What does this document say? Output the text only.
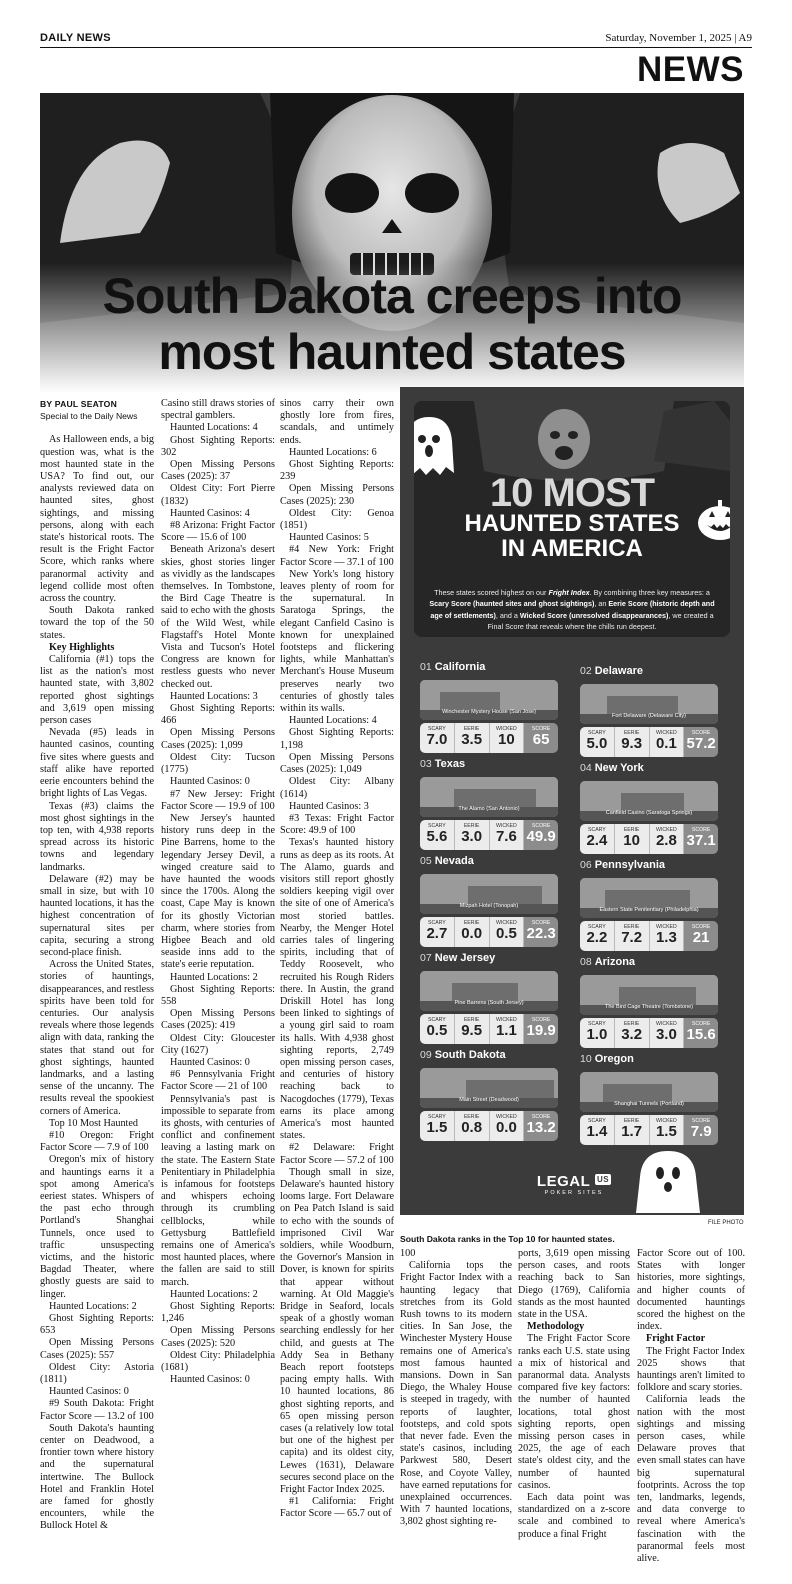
DAILY NEWS	Saturday, November 1, 2025 | A9
NEWS
South Dakota creeps into
most haunted states
BY PAUL SEATON
Special to the Daily News

As Halloween ends, a big question was, what is the most haunted state in the USA? To find out, our analysts reviewed data on haunted sites, ghost sightings, and missing persons, along with each state's historical roots. The result is the Fright Factor Score, which ranks where paranormal activity and legend collide most often across the country.

South Dakota ranked toward the top of the 50 states.

Key Highlights

California (#1) tops the list as the nation's most haunted state, with 3,802 reported ghost sightings and 3,619 open missing person cases

Nevada (#5) leads in haunted casinos, counting five sites where guests and staff alike have reported eerie encounters behind the bright lights of Las Vegas.

Texas (#3) claims the most ghost sightings in the top ten, with 4,938 reports spread across its historic towns and legendary landmarks.

Delaware (#2) may be small in size, but with 10 haunted locations, it has the highest concentration of supernatural sites per capita, securing a strong second-place finish.

Across the United States, stories of hauntings, disappearances, and restless spirits have been told for centuries. Our analysis reveals where those legends align with data, ranking the states that stand out for ghost sightings, haunted landmarks, and a lasting sense of the uncanny. The results reveal the spookiest corners of America.

Top 10 Most Haunted

#10 Oregon: Fright Factor Score — 7.9 of 100

Oregon's mix of history and hauntings earns it a spot among America's eeriest states. Whispers of the past echo through Portland's Shanghai Tunnels, once used to traffic unsuspecting victims, and the historic Bagdad Theater, where ghostly guests are said to linger.

Haunted Locations: 2

Ghost Sighting Reports: 653

Open Missing Persons Cases (2025): 557

Oldest City: Astoria (1811)

Haunted Casinos: 0

#9 South Dakota: Fright Factor Score — 13.2 of 100

South Dakota's haunting center on Deadwood, a frontier town where history and the supernatural intertwine. The Bullock Hotel and Franklin Hotel are famed for ghostly encounters, while the Bullock Hotel &

Casino still draws stories of spectral gamblers.

Haunted Locations: 4

Ghost Sighting Reports: 302

Open Missing Persons Cases (2025): 37

Oldest City: Fort Pierre (1832)

Haunted Casinos: 4

#8 Arizona: Fright Factor Score — 15.6 of 100

Beneath Arizona's desert skies, ghost stories linger as vividly as the landscapes themselves. In Tombstone, the Bird Cage Theatre is said to echo with the ghosts of the Wild West, while Flagstaff's Hotel Monte Vista and Tucson's Hotel Congress are known for restless guests who never checked out.

Haunted Locations: 3

Ghost Sighting Reports: 466

Open Missing Persons Cases (2025): 1,099

Oldest City: Tucson (1775)

Haunted Casinos: 0

#7 New Jersey: Fright Factor Score — 19.9 of 100

New Jersey's haunted history runs deep in the Pine Barrens, home to the legendary Jersey Devil, a winged creature said to have haunted the woods since the 1700s. Along the coast, Cape May is known for its ghostly Victorian charm, where stories from Higbee Beach and old seaside inns add to the state's eerie reputation.

Haunted Locations: 2

Ghost Sighting Reports: 558

Open Missing Persons Cases (2025): 419

Oldest City: Gloucester City (1627)

Haunted Casinos: 0

#6 Pennsylvania Fright Factor Score — 21 of 100

Pennsylvania's past is impossible to separate from its ghosts, with centuries of conflict and confinement leaving a lasting mark on the state. The Eastern State Penitentiary in Philadelphia is infamous for footsteps and whispers echoing through its crumbling cellblocks, while Gettysburg Battlefield remains one of America's most haunted places, where the fallen are said to still march.

Haunted Locations: 2

Ghost Sighting Reports: 1,246

Open Missing Persons Cases (2025): 520

Oldest City: Philadelphia (1681)

Haunted Casinos: 0

sinos carry their own ghostly lore from fires, scandals, and untimely ends.

Haunted Locations: 6

Ghost Sighting Reports: 239

Open Missing Persons Cases (2025): 230

Oldest City: Genoa (1851)

Haunted Casinos: 5

#4 New York: Fright Factor Score — 37.1 of 100

New York's long history leaves plenty of room for the supernatural. In Saratoga Springs, the elegant Canfield Casino is known for unexplained footsteps and flickering lights, while Manhattan's Merchant's House Museum preserves nearly two centuries of ghostly tales within its walls.

Haunted Locations: 4

Ghost Sighting Reports: 1,198

Open Missing Persons Cases (2025): 1,049

Oldest City: Albany (1614)

Haunted Casinos: 3

#3 Texas: Fright Factor Score: 49.9 of 100

Texas's haunted history runs as deep as its roots. At The Alamo, guards and visitors still report ghostly soldiers keeping vigil over the site of one of America's most storied battles. Nearby, the Menger Hotel carries tales of lingering spirits, including that of Teddy Roosevelt, who recruited his Rough Riders there. In Austin, the grand Driskill Hotel has long been linked to sightings of a young girl said to roam its halls. With 4,938 ghost sighting reports, 2,749 open missing person cases, and centuries of history reaching back to Nacogdoches (1779), Texas earns its place among America's most haunted states.

#2 Delaware: Fright Factor Score — 57.2 of 100

Though small in size, Delaware's haunted history looms large. Fort Delaware on Pea Patch Island is said to echo with the sounds of imprisoned Civil War soldiers, while Woodburn, the Governor's Mansion in Dover, is known for spirits that appear without warning. At Old Maggie's Bridge in Seaford, locals speak of a ghostly woman searching endlessly for her child, and guests at The Addy Sea in Bethany Beach report footsteps pacing empty halls. With 10 haunted locations, 86 ghost sighting reports, and 65 open missing person cases (a relatively low total but one of the highest per capita) and its oldest city, Lewes (1631), Delaware secures second place on the Fright Factor Index 2025.

#1 California: Fright Factor Score — 65.7 out of

10 MOST
HAUNTED STATES
IN AMERICA
These states scored highest on our Fright Index. By combining three key measures: a Scary Score (haunted sites and ghost sightings), an Eerie Score (historic depth and age of settlements), and a Wicked Score (unresolved disappearances), we created a Final Score that reveals where the chills run deepest.
01 California
Winchester Mystery House (San Jose)
SCARY
7.0
EERIE
3.5
WICKED
10
SCORE
65
02 Delaware
Fort Delaware (Delaware City)
SCARY
5.0
EERIE
9.3
WICKED
0.1
SCORE
57.2
03 Texas
The Alamo (San Antonio)
SCARY
5.6
EERIE
3.0
WICKED
7.6
SCORE
49.9
04 New York
Canfield Casino (Saratoga Springs)
SCARY
2.4
EERIE
10
WICKED
2.8
SCORE
37.1
05 Nevada
Mizpah Hotel (Tonopah)
SCARY
2.7
EERIE
0.0
WICKED
0.5
SCORE
22.3
06 Pennsylvania
Eastern State Penitentiary (Philadelphia)
SCARY
2.2
EERIE
7.2
WICKED
1.3
SCORE
21
07 New Jersey
Pine Barrens (South Jersey)
SCARY
0.5
EERIE
9.5
WICKED
1.1
SCORE
19.9
08 Arizona
The Bird Cage Theatre (Tombstone)
SCARY
1.0
EERIE
3.2
WICKED
3.0
SCORE
15.6
09 South Dakota
Main Street (Deadwood)
SCARY
1.5
EERIE
0.8
WICKED
0.0
SCORE
13.2
10 Oregon
Shanghai Tunnels (Portland)
SCARY
1.4
EERIE
1.7
WICKED
1.5
SCORE
7.9
LEGAL US
POKER SITES
FILE PHOTO
South Dakota ranks in the Top 10 for haunted states.

100

California tops the Fright Factor Index with a haunting legacy that stretches from its Gold Rush towns to its modern cities. In San Jose, the Winchester Mystery House remains one of America's most famous haunted mansions. Down in San Diego, the Whaley House is steeped in tragedy, with reports of laughter, footsteps, and cold spots that never fade. Even the state's casinos, including Parkwest 580, Desert Rose, and Coyote Valley, have earned reputations for unexplained occurrences. With 7 haunted locations, 3,802 ghost sighting re-

ports, 3,619 open missing person cases, and roots reaching back to San Diego (1769), California stands as the most haunted state in the USA.

Methodology

The Fright Factor Score ranks each U.S. state using a mix of historical and paranormal data. Analysts compared five key factors: the number of haunted locations, total ghost sighting reports, open missing person cases in 2025, the age of each state's oldest city, and the number of haunted casinos.

Each data point was standardized on a z-score scale and combined to produce a final Fright

Factor Score out of 100. States with longer histories, more sightings, and higher counts of documented hauntings scored the highest on the index.

Fright Factor

The Fright Factor Index 2025 shows that hauntings aren't limited to folklore and scary stories.

California leads the nation with the most sightings and missing person cases, while Delaware proves that even small states can have big supernatural footprints. Across the top ten, landmarks, legends, and data converge to reveal where America's fascination with the paranormal feels most alive.
